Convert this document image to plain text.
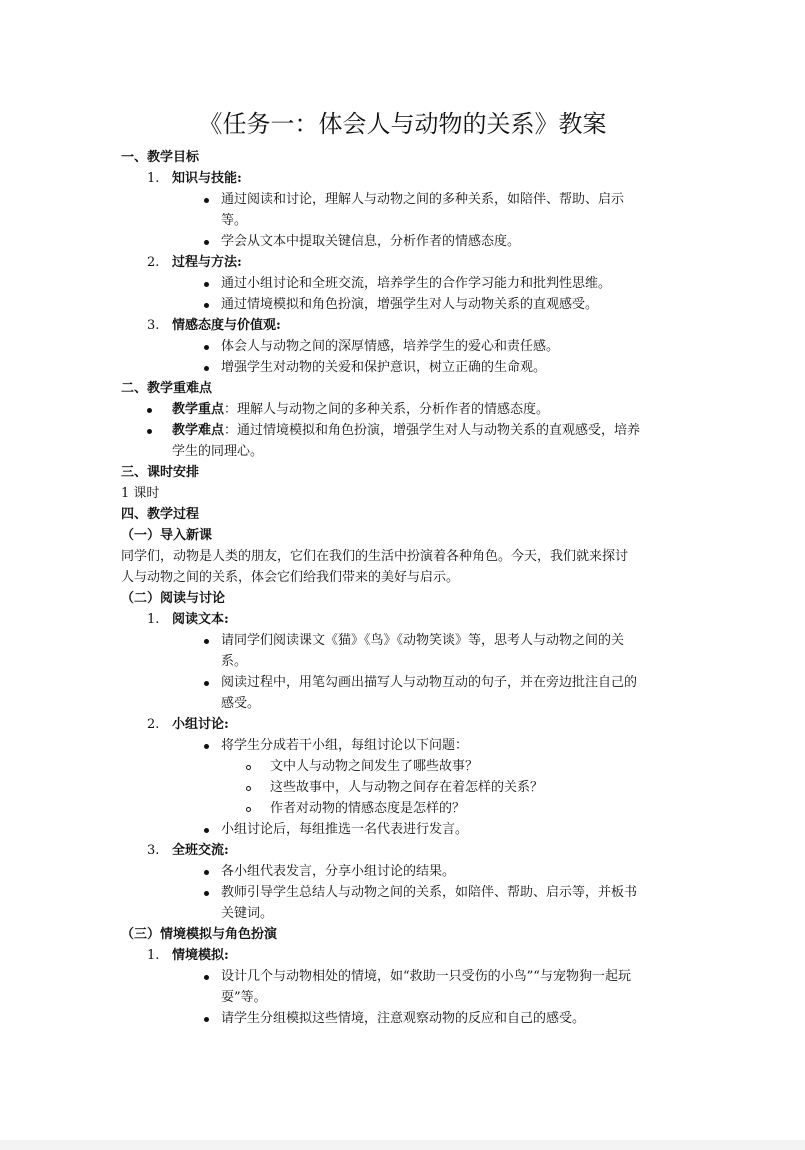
《任务一：体会人与动物的关系》教案
一、教学目标
1. 知识与技能:
通过阅读和讨论，理解人与动物之间的多种关系，如陪伴、帮助、启示
等。
学会从文本中提取关键信息，分析作者的情感态度。
2. 过程与方法:
通过小组讨论和全班交流，培养学生的合作学习能力和批判性思维。
通过情境模拟和角色扮演，增强学生对人与动物关系的直观感受。
3. 情感态度与价值观:
体会人与动物之间的深厚情感，培养学生的爱心和责任感。
增强学生对动物的关爱和保护意识，树立正确的生命观。
二、教学重难点
教学重点：理解人与动物之间的多种关系，分析作者的情感态度。
教学难点：通过情境模拟和角色扮演，增强学生对人与动物关系的直观感受，培养
学生的同理心。
三、课时安排
1 课时
四、教学过程
（一）导入新课
同学们，动物是人类的朋友，它们在我们的生活中扮演着各种角色。今天，我们就来探讨
人与动物之间的关系，体会它们给我们带来的美好与启示。
（二）阅读与讨论
1. 阅读文本:
请同学们阅读课文《猫》《鸟》《动物笑谈》等，思考人与动物之间的关
系。
阅读过程中，用笔勾画出描写人与动物互动的句子，并在旁边批注自己的
感受。
2. 小组讨论:
将学生分成若干小组，每组讨论以下问题：
文中人与动物之间发生了哪些故事？
这些故事中，人与动物之间存在着怎样的关系？
作者对动物的情感态度是怎样的？
小组讨论后，每组推选一名代表进行发言。
3. 全班交流:
各小组代表发言，分享小组讨论的结果。
教师引导学生总结人与动物之间的关系，如陪伴、帮助、启示等，并板书
关键词。
（三）情境模拟与角色扮演
1. 情境模拟:
设计几个与动物相处的情境，如“救助一只受伤的小鸟”“与宠物狗一起玩
耍”等。
请学生分组模拟这些情境，注意观察动物的反应和自己的感受。
